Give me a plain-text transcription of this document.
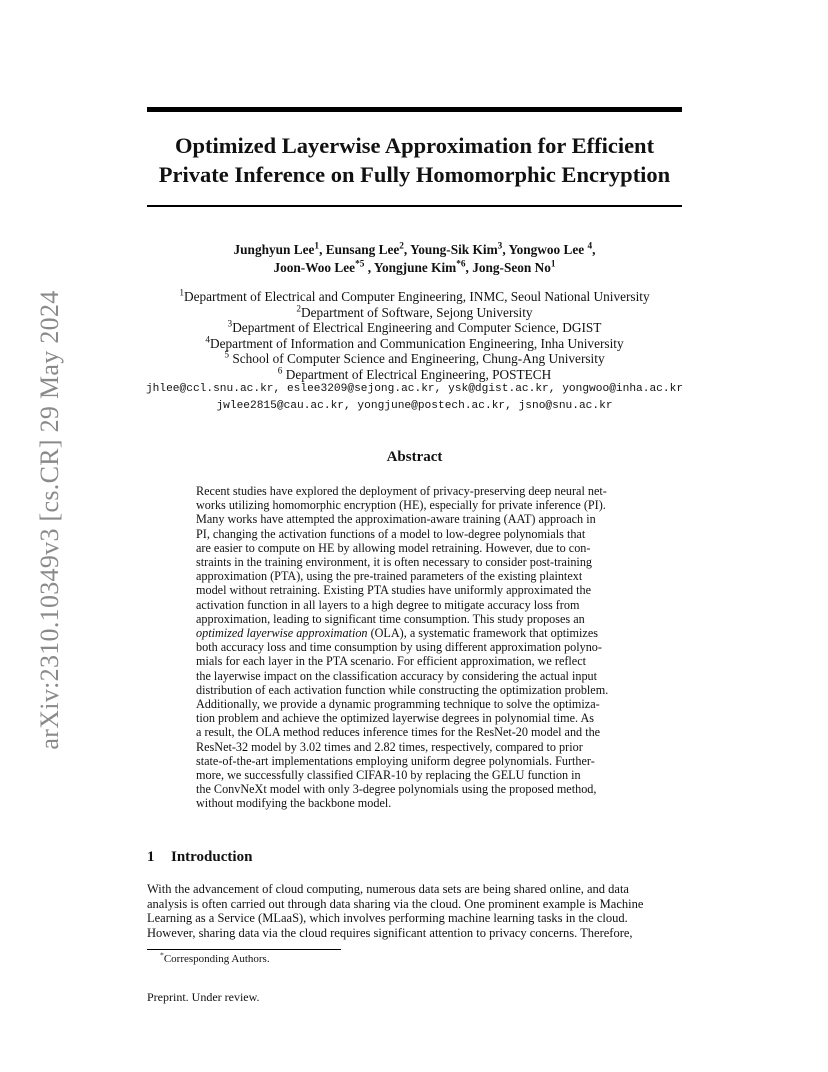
arXiv:2310.10349v3 [cs.CR] 29 May 2024
Optimized Layerwise Approximation for Efficient
Private Inference on Fully Homomorphic Encryption
Junghyun Lee$^1$, Eunsang Lee$^2$, Young-Sik Kim$^3$, Yongwoo Lee $^4$,
Joon-Woo Lee$^{*5}$ , Yongjune Kim$^{*6}$, Jong-Seon No$^1$
$^1$Department of Electrical and Computer Engineering, INMC, Seoul National University
$^2$Department of Software, Sejong University
$^3$Department of Electrical Engineering and Computer Science, DGIST
$^4$Department of Information and Communication Engineering, Inha University
$^5$ School of Computer Science and Engineering, Chung-Ang University
$^6$ Department of Electrical Engineering, POSTECH
jhlee@ccl.snu.ac.kr, eslee3209@sejong.ac.kr, ysk@dgist.ac.kr, yongwoo@inha.ac.kr
jwlee2815@cau.ac.kr, yongjune@postech.ac.kr, jsno@snu.ac.kr
Abstract
Recent studies have explored the deployment of privacy-preserving deep neural net-
works utilizing homomorphic encryption (HE), especially for private inference (PI).
Many works have attempted the approximation-aware training (AAT) approach in
PI, changing the activation functions of a model to low-degree polynomials that
are easier to compute on HE by allowing model retraining. However, due to con-
straints in the training environment, it is often necessary to consider post-training
approximation (PTA), using the pre-trained parameters of the existing plaintext
model without retraining. Existing PTA studies have uniformly approximated the
activation function in all layers to a high degree to mitigate accuracy loss from
approximation, leading to significant time consumption. This study proposes an
optimized layerwise approximation (OLA), a systematic framework that optimizes
both accuracy loss and time consumption by using different approximation polyno-
mials for each layer in the PTA scenario. For efficient approximation, we reflect
the layerwise impact on the classification accuracy by considering the actual input
distribution of each activation function while constructing the optimization problem.
Additionally, we provide a dynamic programming technique to solve the optimiza-
tion problem and achieve the optimized layerwise degrees in polynomial time. As
a result, the OLA method reduces inference times for the ResNet-20 model and the
ResNet-32 model by 3.02 times and 2.82 times, respectively, compared to prior
state-of-the-art implementations employing uniform degree polynomials. Further-
more, we successfully classified CIFAR-10 by replacing the GELU function in
the ConvNeXt model with only 3-degree polynomials using the proposed method,
without modifying the backbone model.
1 Introduction
With the advancement of cloud computing, numerous data sets are being shared online, and data
analysis is often carried out through data sharing via the cloud. One prominent example is Machine
Learning as a Service (MLaaS), which involves performing machine learning tasks in the cloud.
However, sharing data via the cloud requires significant attention to privacy concerns. Therefore,
*Corresponding Authors.
Preprint. Under review.
